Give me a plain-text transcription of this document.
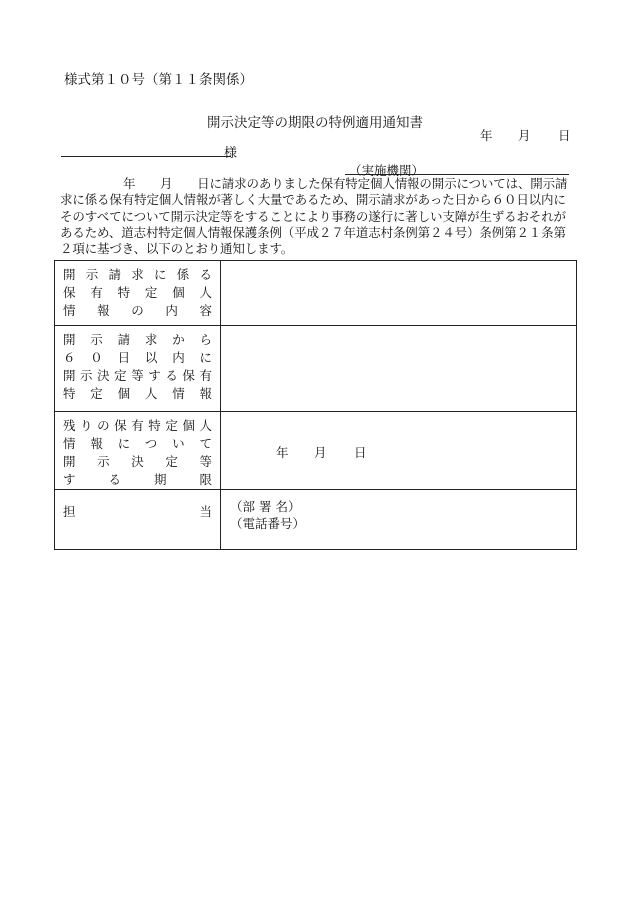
様式第１０号（第１１条関係）
開示決定等の期限の特例適用通知書
年 月 日
様
（実施機関）
年　　月　　日に請求のありました保有特定個人情報の開示については、開示請
求に係る保有特定個人情報が著しく大量であるため、開示請求があった日から６０日以内に
そのすべてについて開示決定等をすることにより事務の遂行に著しい支障が生ずるおそれが
あるため、道志村特定個人情報保護条例（平成２７年道志村条例第２４号）条例第２１条第
２項に基づき、以下のとおり通知します。
開示請求に係る
保有特定個人
情報の内容	

開示請求から
６０日以内に
開示決定等する保有
特定個人情報	

残りの保有特定個人
情報について
開示決定等
する期限	年 月 日

担当	（部 署 名）
（電話番号）
